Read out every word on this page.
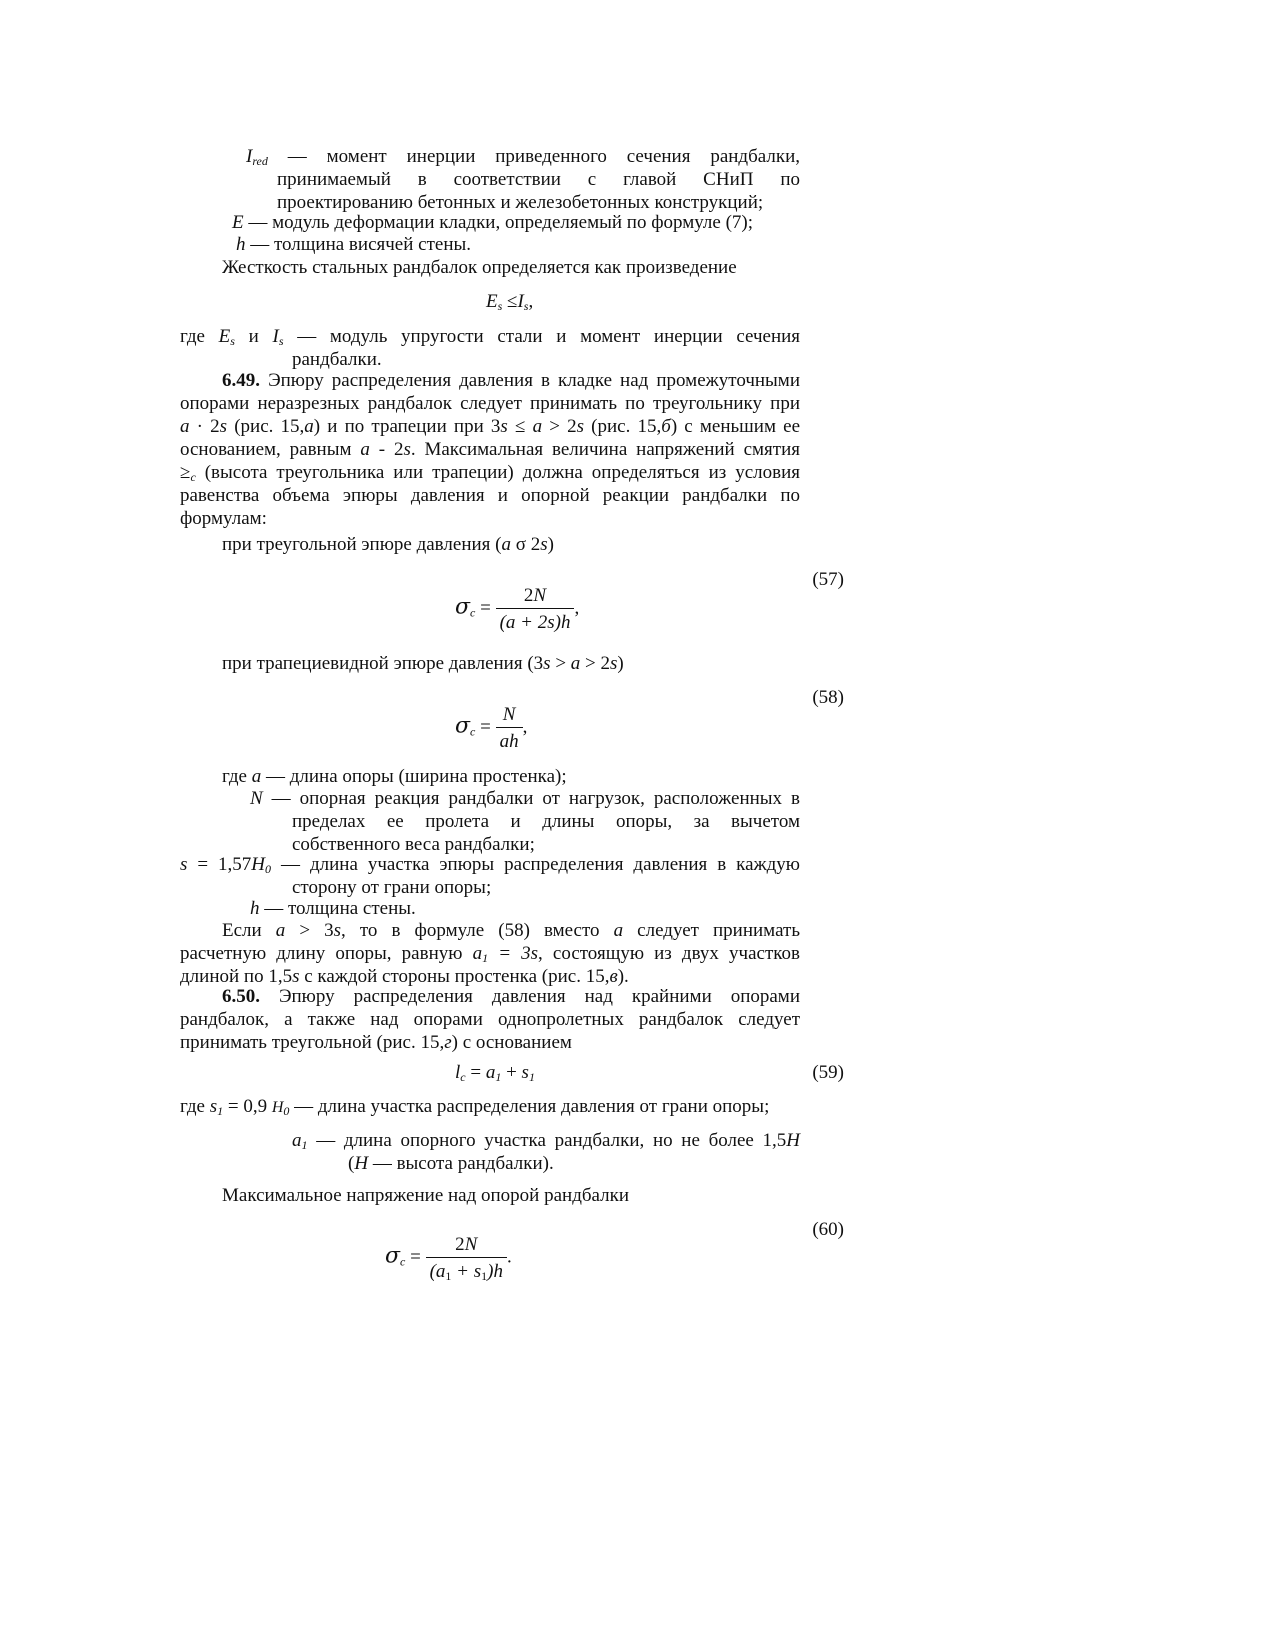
$I_{red}$ — момент инерции приведенного сечения рандбалки,
принимаемый в соответствии с главой СНиП по
проектированию бетонных и железобетонных конструкций;
E — модуль деформации кладки, определяемый по формуле (7);
h — толщина висячей стены.
Жесткость стальных рандбалок определяется как произведение
$E_s \le I_s$,
где $E_s$ и $I_s$ — модуль упругости стали и момент инерции сечения
рандбалки.
6.49. Эпюру распределения давления в кладке над промежуточными
опорами неразрезных рандбалок следует принимать по треугольнику при
a · 2s (рис. 15,а) и по трапеции при 3s ≤ a > 2s (рис. 15,б) с меньшим ее
основанием, равным a - 2s. Максимальная величина напряжений смятия
$\ge_c$ (высота треугольника или трапеции) должна определяться из условия
равенства объема эпюры давления и опорной реакции рандбалки по
формулам:
при треугольной эпюре давления (a σ 2s)
(57)
$\sigma_c = \frac{2N}{(a + 2s)h}$ ,
при трапециевидной эпюре давления (3s > a > 2s)
(58)
$\sigma_c = \frac{N}{ah}$ ,
где a — длина опоры (ширина простенка);
N — опорная реакция рандбалки от нагрузок, расположенных в
пределах ее пролета и длины опоры, за вычетом
собственного веса рандбалки;
$s = 1,57H_0$ — длина участка эпюры распределения давления в каждую
сторону от грани опоры;
h — толщина стены.
Если a > 3s, то в формуле (58) вместо a следует принимать
расчетную длину опоры, равную $a_1 = 3s$, состоящую из двух участков
длиной по 1,5s с каждой стороны простенка (рис. 15,в).
6.50. Эпюру распределения давления над крайними опорами
рандбалок, а также над опорами однопролетных рандбалок следует
принимать треугольной (рис. 15,г) с основанием
$l_c = a_1 + s_1$	(59)
где $s_1 = 0,9$ $H_0$ — длина участка распределения давления от грани опоры;
$a_1$ — длина опорного участка рандбалки, но не более 1,5H
(H — высота рандбалки).
Максимальное напряжение над опорой рандбалки
(60)
$\sigma_c = \frac{2N}{(a_1 + s_1)h}$ .
